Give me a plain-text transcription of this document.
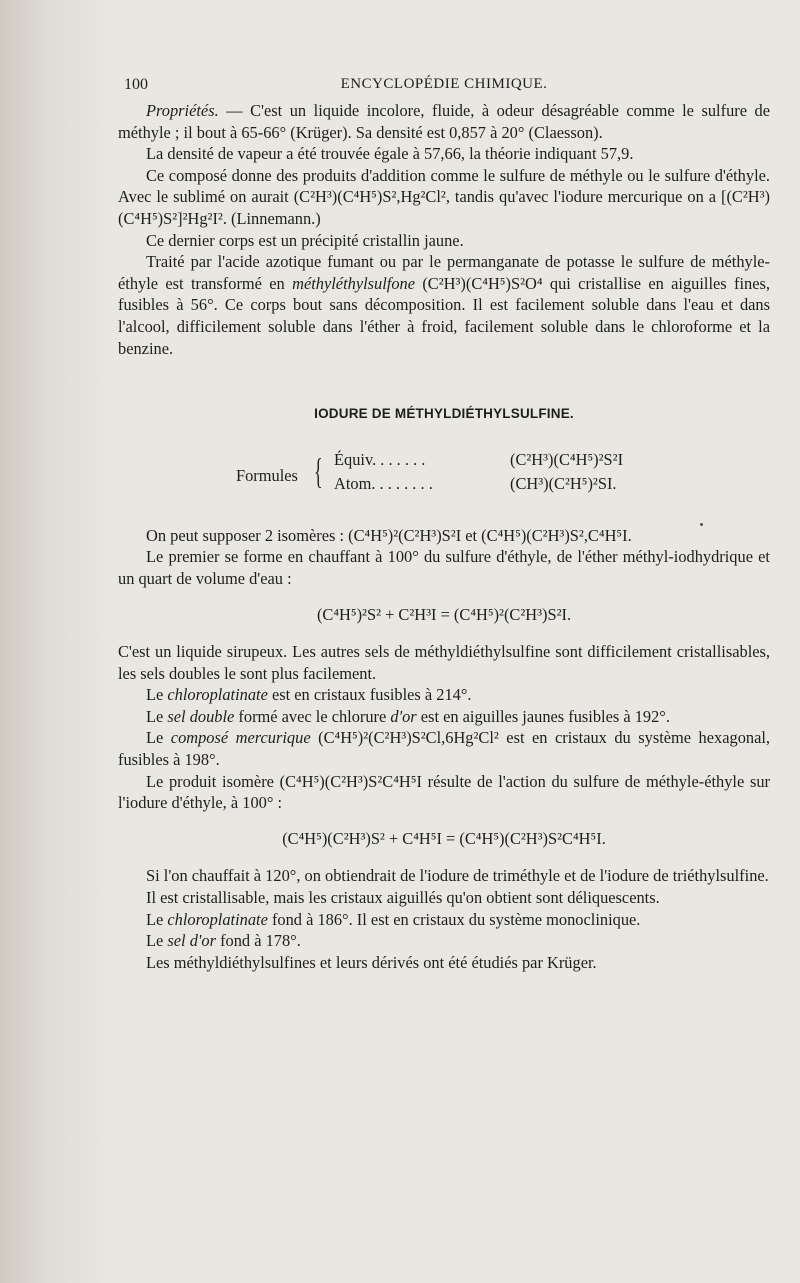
100	ENCYCLOPÉDIE CHIMIQUE.

Propriétés. — C'est un liquide incolore, fluide, à odeur désagréable comme le sulfure de méthyle ; il bout à 65-66° (Krüger). Sa densité est 0,857 à 20° (Claesson).

La densité de vapeur a été trouvée égale à 57,66, la théorie indiquant 57,9.

Ce composé donne des produits d'addition comme le sulfure de méthyle ou le sulfure d'éthyle. Avec le sublimé on aurait (C²H³)(C⁴H⁵)S²,Hg²Cl², tandis qu'avec l'iodure mercurique on a [(C²H³)(C⁴H⁵)S²]²Hg²I². (Linnemann.)

Ce dernier corps est un précipité cristallin jaune.

Traité par l'acide azotique fumant ou par le permanganate de potasse le sulfure de méthyle-éthyle est transformé en méthyléthylsulfone (C²H³)(C⁴H⁵)S²O⁴ qui cristallise en aiguilles fines, fusibles à 56°. Ce corps bout sans décomposition. Il est facilement soluble dans l'eau et dans l'alcool, difficilement soluble dans l'éther à froid, facilement soluble dans le chloroforme et la benzine.

IODURE DE MÉTHYLDIÉTHYLSULFINE.
Formules { Équiv. . . . . . .	(C²H³)(C⁴H⁵)²S²I
Atom. . . . . . . .	(CH³)(C²H⁵)²SI.

On peut supposer 2 isomères : (C⁴H⁵)²(C²H³)S²I et (C⁴H⁵)(C²H³)S²,C⁴H⁵I.

Le premier se forme en chauffant à 100° du sulfure d'éthyle, de l'éther méthyl-iodhydrique et un quart de volume d'eau :

(C⁴H⁵)²S² + C²H³I = (C⁴H⁵)²(C²H³)S²I.

C'est un liquide sirupeux. Les autres sels de méthyldiéthylsulfine sont difficilement cristallisables, les sels doubles le sont plus facilement.

Le chloroplatinate est en cristaux fusibles à 214°.

Le sel double formé avec le chlorure d'or est en aiguilles jaunes fusibles à 192°.

Le composé mercurique (C⁴H⁵)²(C²H³)S²Cl,6Hg²Cl² est en cristaux du système hexagonal, fusibles à 198°.

Le produit isomère (C⁴H⁵)(C²H³)S²C⁴H⁵I résulte de l'action du sulfure de méthyle-éthyle sur l'iodure d'éthyle, à 100° :

(C⁴H⁵)(C²H³)S² + C⁴H⁵I = (C⁴H⁵)(C²H³)S²C⁴H⁵I.

Si l'on chauffait à 120°, on obtiendrait de l'iodure de triméthyle et de l'iodure de triéthylsulfine.

Il est cristallisable, mais les cristaux aiguillés qu'on obtient sont déliquescents.

Le chloroplatinate fond à 186°. Il est en cristaux du système monoclinique.

Le sel d'or fond à 178°.

Les méthyldiéthylsulfines et leurs dérivés ont été étudiés par Krüger.
